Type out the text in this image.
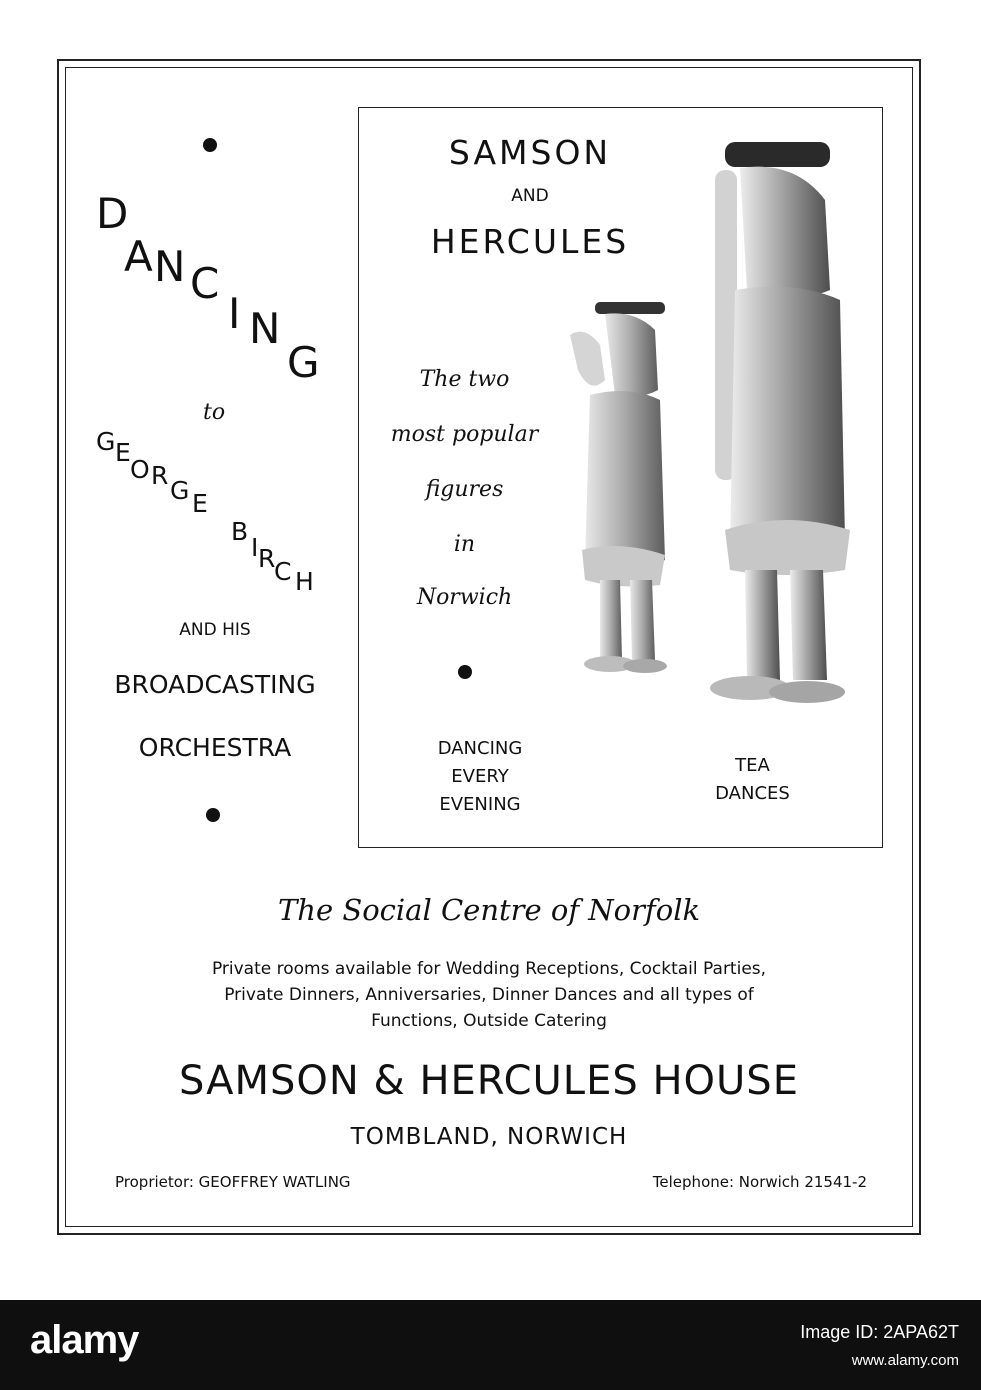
D
A N C
I N
G
to
G E
O R
G E
B
I R
C H
AND HIS
BROADCASTING
ORCHESTRA
SAMSON
AND
HERCULES
The two
most popular
figures
in
Norwich
DANCING
EVERY
EVENING
TEA
DANCES
The Social Centre of Norfolk
Private rooms available for Wedding Receptions, Cocktail Parties,
Private Dinners, Anniversaries, Dinner Dances and all types of
Functions, Outside Catering
SAMSON & HERCULES HOUSE
TOMBLAND, NORWICH
Proprietor: GEOFFREY WATLING	Telephone: Norwich 21541-2
alamy	Image ID: 2APA62T
www.alamy.com
